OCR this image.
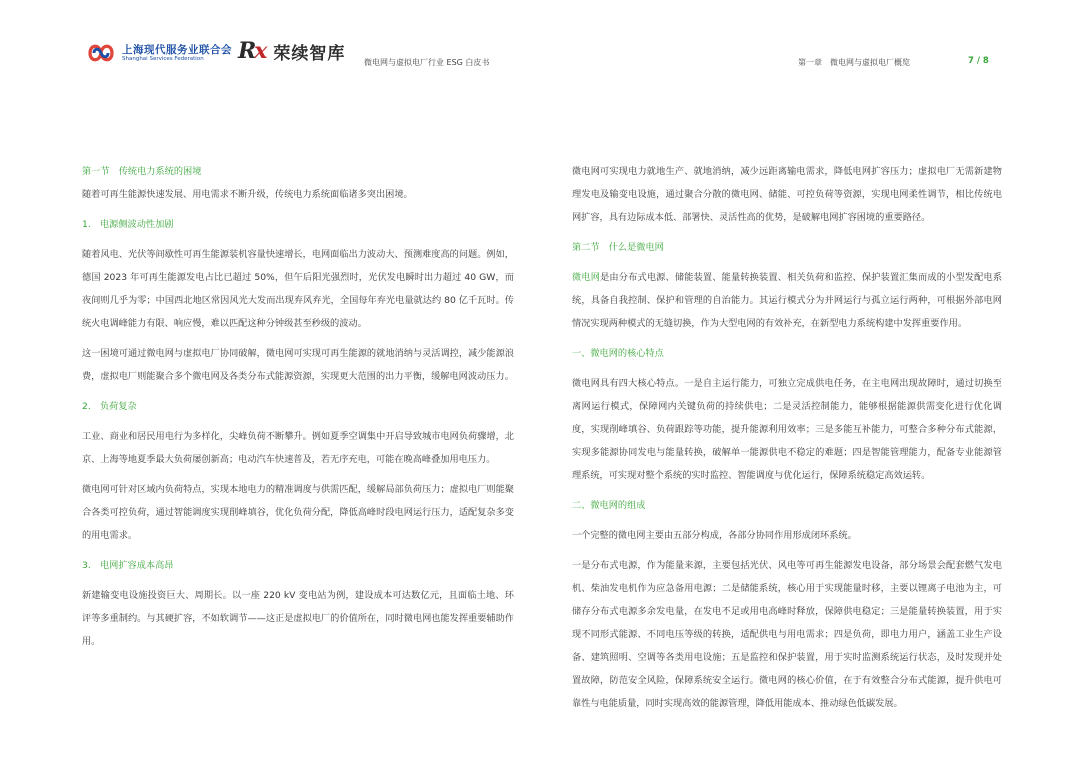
上海现代服务业联合会
Shanghai Services Federation	Rx 荣续智库 微电网与虚拟电厂行业 ESG 白皮书	第一章　微电网与虚拟电厂概览	7 / 8

第一节　传统电力系统的困境

随着可再生能源快速发展、用电需求不断升级，传统电力系统面临诸多突出困境。

1.　电源侧波动性加剧

随着风电、光伏等间歇性可再生能源装机容量快速增长，电网面临出力波动大、预测难度高的问题。例如，德国 2023 年可再生能源发电占比已超过 50%，但午后阳光强烈时，光伏发电瞬时出力超过 40 GW，而夜间则几乎为零；中国西北地区常因风光大发而出现弃风弃光，全国每年弃光电量就达约 80 亿千瓦时。传统火电调峰能力有限、响应慢，难以匹配这种分钟级甚至秒级的波动。

这一困境可通过微电网与虚拟电厂协同破解，微电网可实现可再生能源的就地消纳与灵活调控，减少能源浪费，虚拟电厂则能聚合多个微电网及各类分布式能源资源，实现更大范围的出力平衡，缓解电网波动压力。

2.　负荷复杂

工业、商业和居民用电行为多样化，尖峰负荷不断攀升。例如夏季空调集中开启导致城市电网负荷骤增，北京、上海等地夏季最大负荷屡创新高；电动汽车快速普及，若无序充电，可能在晚高峰叠加用电压力。

微电网可针对区域内负荷特点，实现本地电力的精准调度与供需匹配，缓解局部负荷压力；虚拟电厂则能聚合各类可控负荷，通过智能调度实现削峰填谷，优化负荷分配，降低高峰时段电网运行压力，适配复杂多变的用电需求。

3.　电网扩容成本高昂

新建输变电设施投资巨大、周期长。以一座 220 kV 变电站为例，建设成本可达数亿元，且面临土地、环评等多重制约。与其硬扩容，不如软调节——这正是虚拟电厂的价值所在，同时微电网也能发挥重要辅助作用。

微电网可实现电力就地生产、就地消纳，减少远距离输电需求，降低电网扩容压力；虚拟电厂无需新建物理发电及输变电设施，通过聚合分散的微电网、储能、可控负荷等资源，实现电网柔性调节，相比传统电网扩容，具有边际成本低、部署快、灵活性高的优势，是破解电网扩容困境的重要路径。

第二节　什么是微电网

微电网是由分布式电源、储能装置、能量转换装置、相关负荷和监控、保护装置汇集而成的小型发配电系统，具备自我控制、保护和管理的自治能力。其运行模式分为并网运行与孤立运行两种，可根据外部电网情况实现两种模式的无缝切换，作为大型电网的有效补充，在新型电力系统构建中发挥重要作用。

一、微电网的核心特点

微电网具有四大核心特点。一是自主运行能力，可独立完成供电任务，在主电网出现故障时，通过切换至离网运行模式，保障网内关键负荷的持续供电；二是灵活控制能力，能够根据能源供需变化进行优化调度，实现削峰填谷、负荷跟踪等功能，提升能源利用效率；三是多能互补能力，可整合多种分布式能源，实现多能源协同发电与能量转换，破解单一能源供电不稳定的难题；四是智能管理能力，配备专业能源管理系统，可实现对整个系统的实时监控、智能调度与优化运行，保障系统稳定高效运转。

二、微电网的组成

一个完整的微电网主要由五部分构成，各部分协同作用形成闭环系统。

一是分布式电源，作为能量来源，主要包括光伏、风电等可再生能源发电设备，部分场景会配套燃气发电机、柴油发电机作为应急备用电源；二是储能系统，核心用于实现能量时移，主要以锂离子电池为主，可储存分布式电源多余发电量，在发电不足或用电高峰时释放，保障供电稳定；三是能量转换装置，用于实现不同形式能源、不同电压等级的转换，适配供电与用电需求；四是负荷，即电力用户，涵盖工业生产设备、建筑照明、空调等各类用电设施；五是监控和保护装置，用于实时监测系统运行状态，及时发现并处置故障，防范安全风险，保障系统安全运行。微电网的核心价值，在于有效整合分布式能源，提升供电可靠性与电能质量，同时实现高效的能源管理，降低用能成本、推动绿色低碳发展。
